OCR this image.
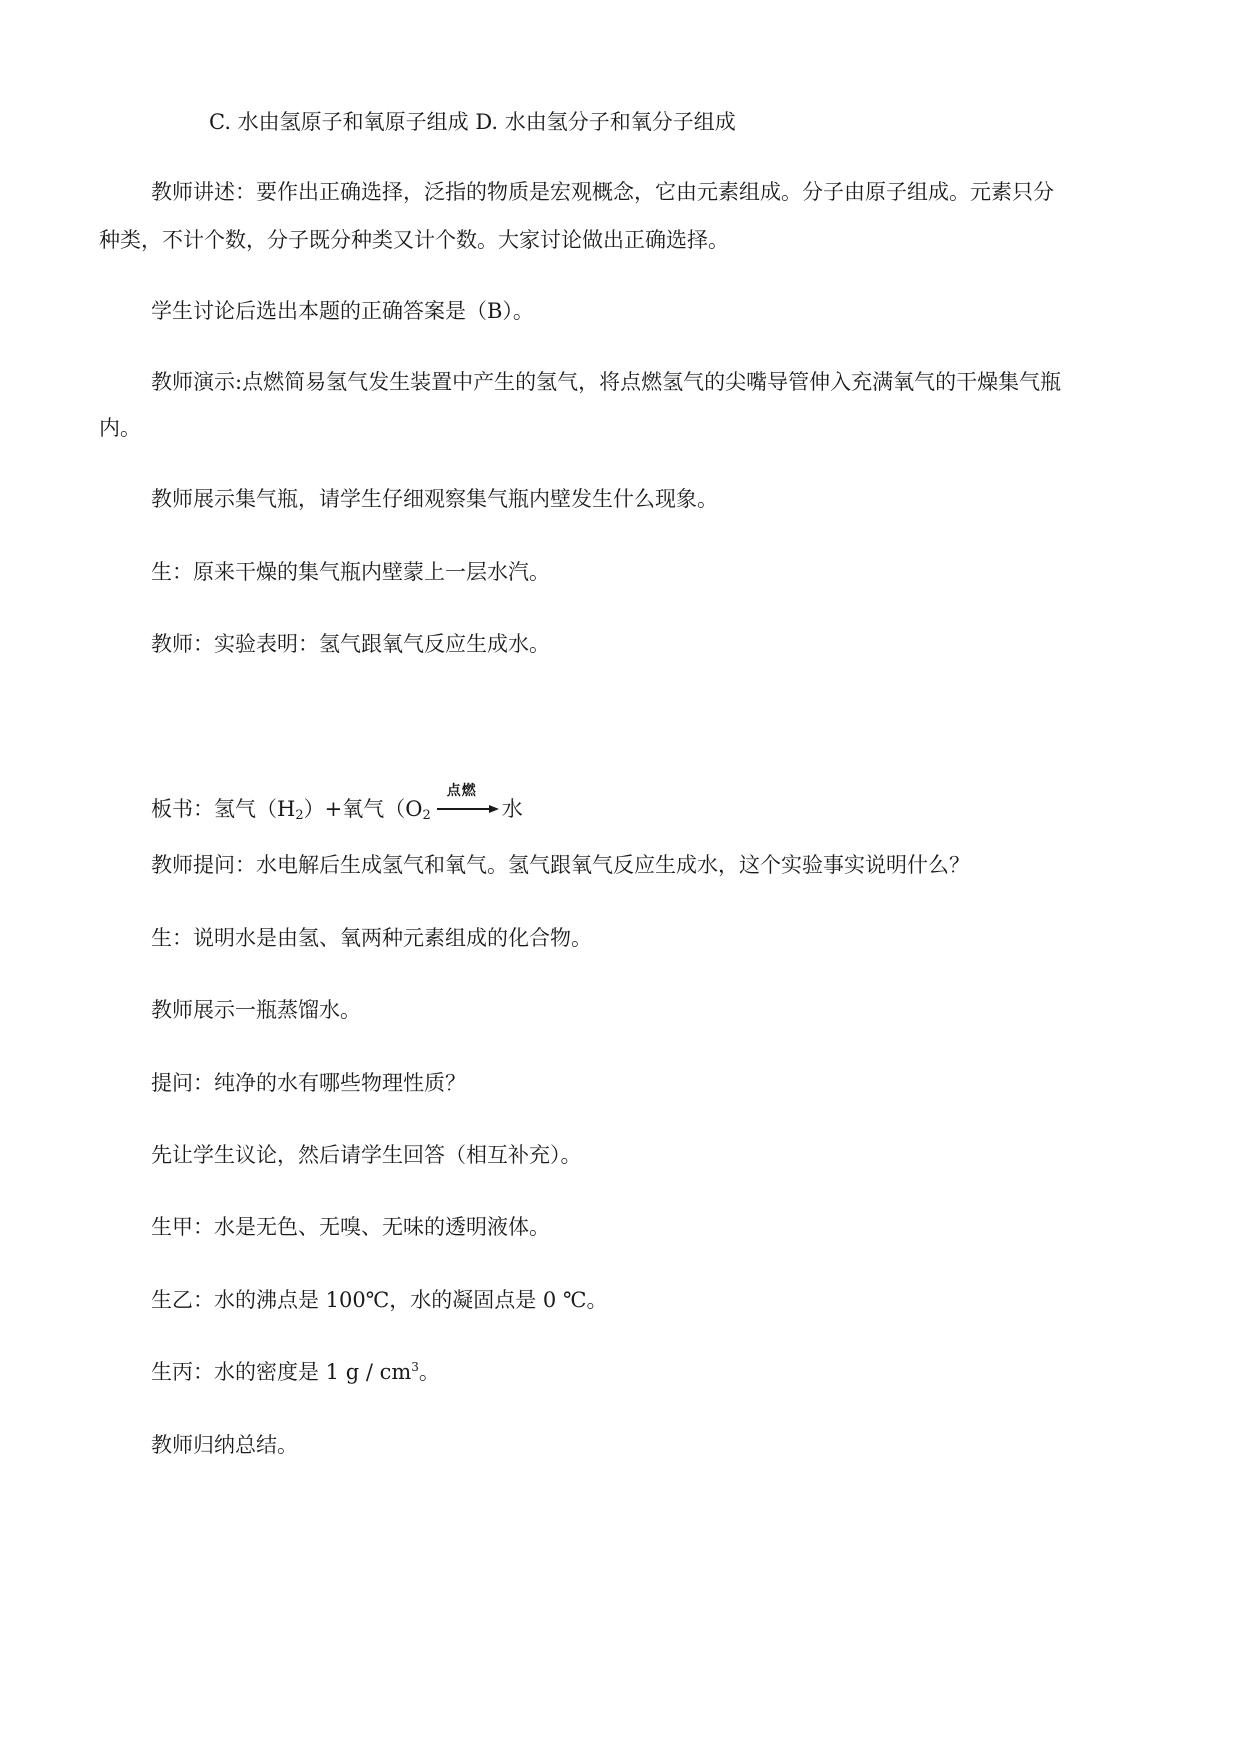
C. 水由氢原子和氧原子组成 D. 水由氢分子和氧分子组成
教师讲述：要作出正确选择，泛指的物质是宏观概念，它由元素组成。分子由原子组成。元素只分
种类，不计个数，分子既分种类又计个数。大家讨论做出正确选择。
学生讨论后选出本题的正确答案是（B）。
教师演示:点燃简易氢气发生装置中产生的氢气，将点燃氢气的尖嘴导管伸入充满氧气的干燥集气瓶
内。
教师展示集气瓶，请学生仔细观察集气瓶内壁发生什么现象。
生：原来干燥的集气瓶内壁蒙上一层水汽。
教师：实验表明：氢气跟氧气反应生成水。
板书：氢气$(H_2)+$氧气（$O_2$
点燃
水
教师提问：水电解后生成氢气和氧气。氢气跟氧气反应生成水，这个实验事实说明什么？
生：说明水是由氢、氧两种元素组成的化合物。
教师展示一瓶蒸馏水。
提问：纯净的水有哪些物理性质？
先让学生议论，然后请学生回答（相互补充）。
生甲：水是无色、无嗅、无味的透明液体。
生乙：水的沸点是 100℃，水的凝固点是 0 ℃。
生丙：水的密度是 1 g / $cm^3$。
教师归纳总结。
